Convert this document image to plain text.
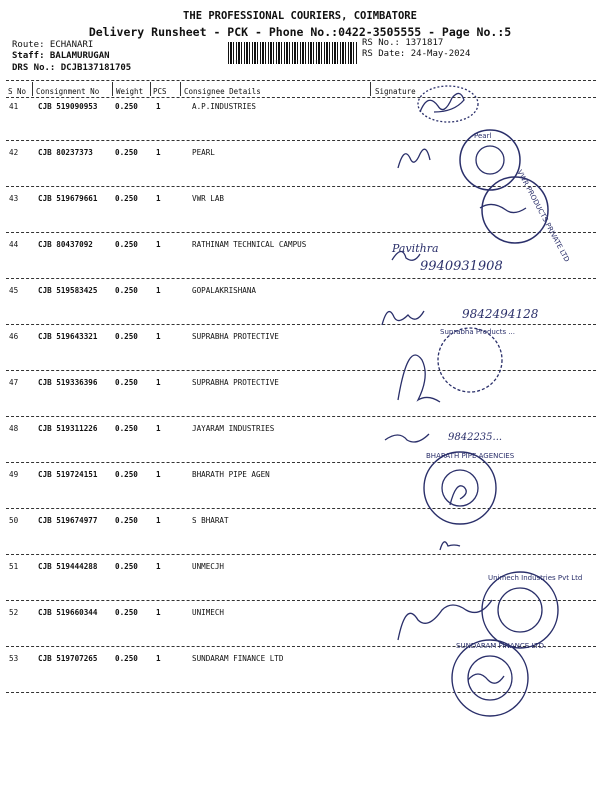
THE PROFESSIONAL COURIERS, COIMBATORE
Delivery Runsheet - PCK - Phone No.:0422-3505555 - Page No.:5
Route: ECHANARI
Staff: BALAMURUGAN
DRS No.: DCJB137181705
RS No.: 1371817
RS Date: 24-May-2024
S No Consignment No Weight PCS Consignee Details	Signature
41	CJB 519090953 0.250 1	A.P.INDUSTRIES
42	CJB 80237373	0.250 1	PEARL
43	CJB 519679661 0.250 1	VWR LAB
44	CJB 80437092	0.250 1	RATHINAM TECHNICAL CAMPUS
45	CJB 519583425 0.250 1	GOPALAKRISHANA
46	CJB 519643321 0.250 1	SUPRABHA PROTECTIVE
47	CJB 519336396 0.250 1	SUPRABHA PROTECTIVE
48	CJB 519311226 0.250 1	JAYARAM INDUSTRIES
49	CJB 519724151 0.250 1	BHARATH PIPE AGEN
50	CJB 519674977 0.250 1	S BHARAT
51	CJB 519444288 0.250 1	UNMECJH
52	CJB 519660344 0.250 1	UNIMECH
53	CJB 519707265 0.250 1	SUNDARAM FINANCE LTD
Pavithra
9940931908
9842494128
9842235...
Pearl
VWR PRODUCTS PRIVATE LTD
Suprabha Products ...
BHARATH PIPE AGENCIES
Unimech Industries Pvt Ltd
SUNDARAM FINANCE LTD.
